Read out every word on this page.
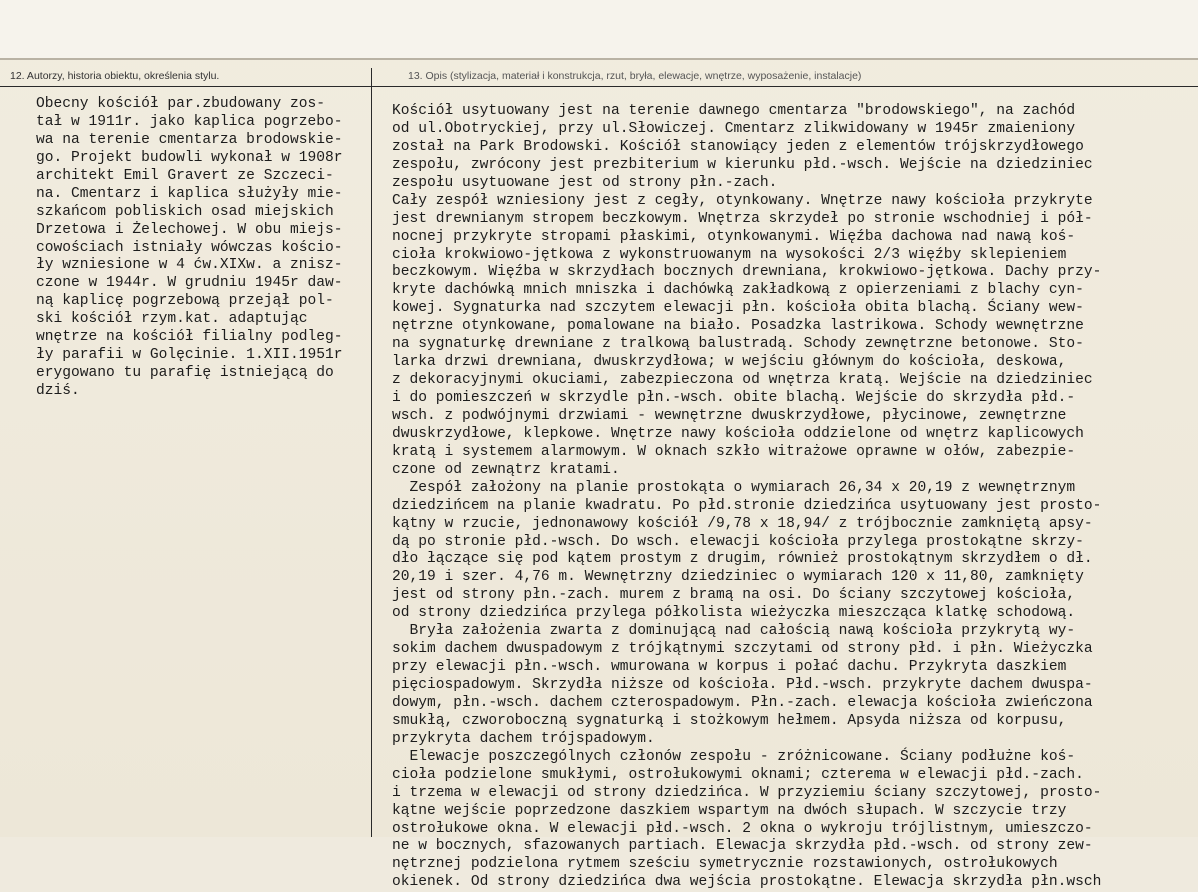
12. Autorzy, historia obiektu, określenia stylu.	13. Opis (stylizacja, materiał i konstrukcja, rzut, bryła, elewacje, wnętrze, wyposażenie, instalacje)
Obecny kościół par.zbudowany zos-
tał w 1911r. jako kaplica pogrzebo-
wa na terenie cmentarza brodowskie-
go. Projekt budowli wykonał w 1908r
architekt Emil Gravert ze Szczeci-
na. Cmentarz i kaplica służyły mie-
szkańcom pobliskich osad miejskich
Drzetowa i Żelechowej. W obu miejs-
cowościach istniały wówczas kościo-
ły wzniesione w 4 ćw.XIXw. a znisz-
czone w 1944r. W grudniu 1945r daw-
ną kaplicę pogrzebową przejął pol-
ski kościół rzym.kat. adaptując
wnętrze na kościół filialny podleg-
ły parafii w Golęcinie. 1.XII.1951r
erygowano tu parafię istniejącą do
dziś.
Kościół usytuowany jest na terenie dawnego cmentarza "brodowskiego", na zachód
od ul.Obotryckiej, przy ul.Słowiczej. Cmentarz zlikwidowany w 1945r zmaieniony
został na Park Brodowski. Kościół stanowiący jeden z elementów trójskrzydłowego
zespołu, zwrócony jest prezbiterium w kierunku płd.-wsch. Wejście na dziedziniec
zespołu usytuowane jest od strony płn.-zach.
Cały zespół wzniesiony jest z cegły, otynkowany. Wnętrze nawy kościoła przykryte
jest drewnianym stropem beczkowym. Wnętrza skrzydeł po stronie wschodniej i pół-
nocnej przykryte stropami płaskimi, otynkowanymi. Więźba dachowa nad nawą koś-
cioła krokwiowo-jętkowa z wykonstruowanym na wysokości 2/3 więźby sklepieniem
beczkowym. Więźba w skrzydłach bocznych drewniana, krokwiowo-jętkowa. Dachy przy-
kryte dachówką mnich mniszka i dachówką zakładkową z opierzeniami z blachy cyn-
kowej. Sygnaturka nad szczytem elewacji płn. kościoła obita blachą. Ściany wew-
nętrzne otynkowane, pomalowane na biało. Posadzka lastrikowa. Schody wewnętrzne
na sygnaturkę drewniane z tralkową balustradą. Schody zewnętrzne betonowe. Sto-
larka drzwi drewniana, dwuskrzydłowa; w wejściu głównym do kościoła, deskowa,
z dekoracyjnymi okuciami, zabezpieczona od wnętrza kratą. Wejście na dziedziniec
i do pomieszczeń w skrzydle płn.-wsch. obite blachą. Wejście do skrzydła płd.-
wsch. z podwójnymi drzwiami - wewnętrzne dwuskrzydłowe, płycinowe, zewnętrzne
dwuskrzydłowe, klepkowe. Wnętrze nawy kościoła oddzielone od wnętrz kaplicowych
kratą i systemem alarmowym. W oknach szkło witrażowe oprawne w ołów, zabezpie-
czone od zewnątrz kratami.
Zespół założony na planie prostokąta o wymiarach 26,34 x 20,19 z wewnętrznym
dziedzińcem na planie kwadratu. Po płd.stronie dziedzińca usytuowany jest prosto-
kątny w rzucie, jednonawowy kościół /9,78 x 18,94/ z trójbocznie zamkniętą apsy-
dą po stronie płd.-wsch. Do wsch. elewacji kościoła przylega prostokątne skrzy-
dło łączące się pod kątem prostym z drugim, również prostokątnym skrzydłem o dł.
20,19 i szer. 4,76 m. Wewnętrzny dziedziniec o wymiarach 120 x 11,80, zamknięty
jest od strony płn.-zach. murem z bramą na osi. Do ściany szczytowej kościoła,
od strony dziedzińca przylega półkolista wieżyczka mieszcząca klatkę schodową.
Bryła założenia zwarta z dominującą nad całością nawą kościoła przykrytą wy-
sokim dachem dwuspadowym z trójkątnymi szczytami od strony płd. i płn. Wieżyczka
przy elewacji płn.-wsch. wmurowana w korpus i połać dachu. Przykryta daszkiem
pięciospadowym. Skrzydła niższe od kościoła. Płd.-wsch. przykryte dachem dwuspa-
dowym, płn.-wsch. dachem czterospadowym. Płn.-zach. elewacja kościoła zwieńczona
smukłą, czworoboczną sygnaturką i stożkowym hełmem. Apsyda niższa od korpusu,
przykryta dachem trójspadowym.
Elewacje poszczególnych członów zespołu - zróżnicowane. Ściany podłużne koś-
cioła podzielone smukłymi, ostrołukowymi oknami; czterema w elewacji płd.-zach.
i trzema w elewacji od strony dziedzińca. W przyziemiu ściany szczytowej, prosto-
kątne wejście poprzedzone daszkiem wspartym na dwóch słupach. W szczycie trzy
ostrołukowe okna. W elewacji płd.-wsch. 2 okna o wykroju trójlistnym, umieszczo-
ne w bocznych, sfazowanych partiach. Elewacja skrzydła płd.-wsch. od strony zew-
nętrznej podzielona rytmem sześciu symetrycznie rozstawionych, ostrołukowych
okienek. Od strony dziedzińca dwa wejścia prostokątne. Elewacja skrzydła płn.wsch
